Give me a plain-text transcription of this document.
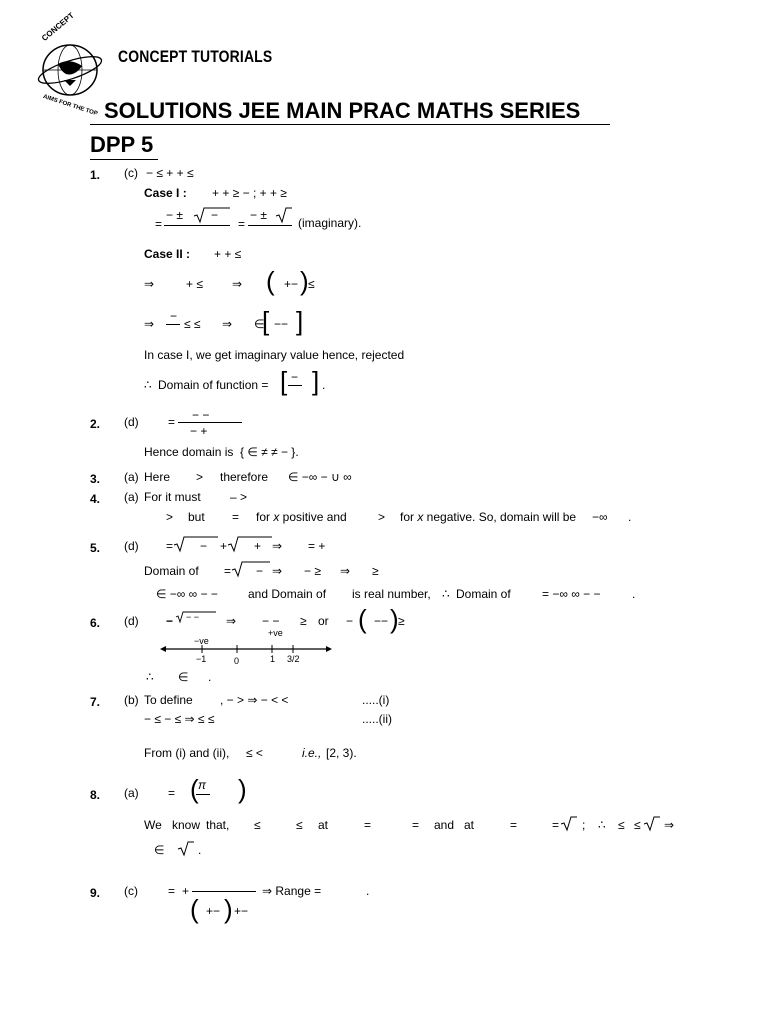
CONCEPT
AIMS FOR THE TOP
CONCEPT TUTORIALS
SOLUTIONS JEE MAIN PRAC MATHS SERIES
DPP 5
1. (c) − ≤ + + ≤
Case I : + + ≥ − ; + + ≥
=
− ± −
=
− ±
(imaginary).
Case II : + + ≤
⇒	+ ≤ ⇒ ( +− ) ≤
⇒
−
≤ ≤ ⇒ ∈
[ −− ]
In case I, we get imaginary value hence, rejected
∴ Domain of function = [ − ] .
2. (d) = − −
− +
Hence domain is { ∈ ≠ ≠ − }.
3. (a) Here > therefore ∈ −∞ − ∪ ∞
4. (a) For it must – >
> but = for x positive and	> for x negative. So, domain will be −∞ .
5. (d) = − + + ⇒ = +
Domain of = − ⇒ − ≥ ⇒ ≥
∈ −∞ ∞ − −	and Domain of is real number, ∴ Domain of	= −∞ ∞ − −	.
6. (d) − − − ⇒ − − ≥ or − ( −− ) ≥
−ve
+ve
−1	0	1 3/2
∴ ∈ .
7. (b) To define , − > ⇒ − < <	.....(i)
− ≤ − ≤ ⇒ ≤ ≤	.....(ii)
From (i) and (ii), ≤ <	i.e., [2, 3).
8. (a) = ( π )
We know that, ≤	≤ at	=	= and at	=	= ; ∴ ≤ ≤ ⇒
∈	.
9. (c)	= +
( +− ) +−
⇒ Range =	.
